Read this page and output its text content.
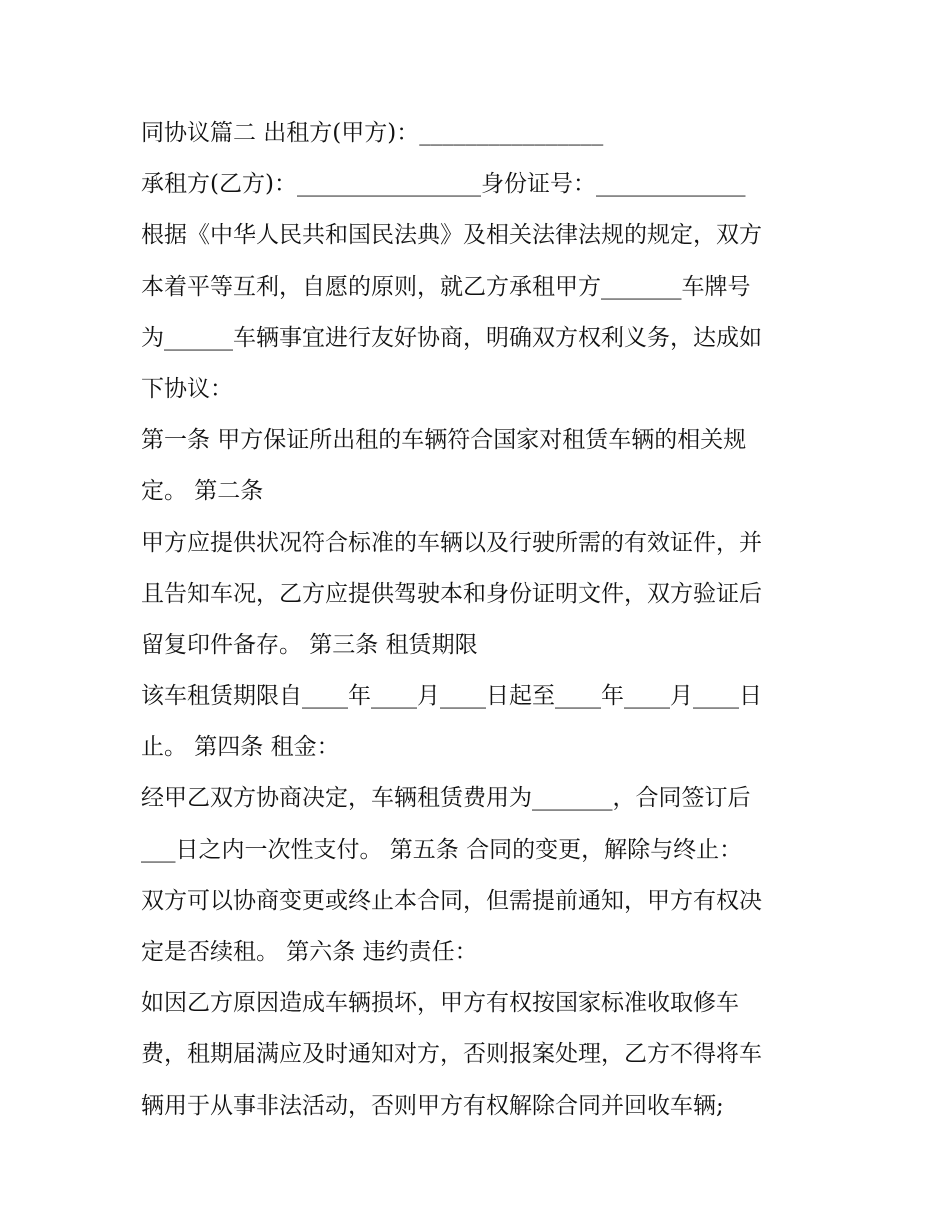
同协议篇二 出租方(甲方)：________________
承租方(乙方)：________________身份证号：_____________
根据《中华人民共和国民法典》及相关法律法规的规定，双方
本着平等互利，自愿的原则，就乙方承租甲方_______车牌号
为______车辆事宜进行友好协商，明确双方权利义务，达成如
下协议：
第一条 甲方保证所出租的车辆符合国家对租赁车辆的相关规
定。 第二条
甲方应提供状况符合标准的车辆以及行驶所需的有效证件，并
且告知车况，乙方应提供驾驶本和身份证明文件，双方验证后
留复印件备存。 第三条 租赁期限
该车租赁期限自____年____月____日起至____年____月____日
止。 第四条 租金：
经甲乙双方协商决定，车辆租赁费用为_______，合同签订后
___日之内一次性支付。 第五条 合同的变更，解除与终止：
双方可以协商变更或终止本合同，但需提前通知，甲方有权决
定是否续租。 第六条 违约责任：
如因乙方原因造成车辆损坏，甲方有权按国家标准收取修车
费，租期届满应及时通知对方，否则报案处理，乙方不得将车
辆用于从事非法活动，否则甲方有权解除合同并回收车辆;
